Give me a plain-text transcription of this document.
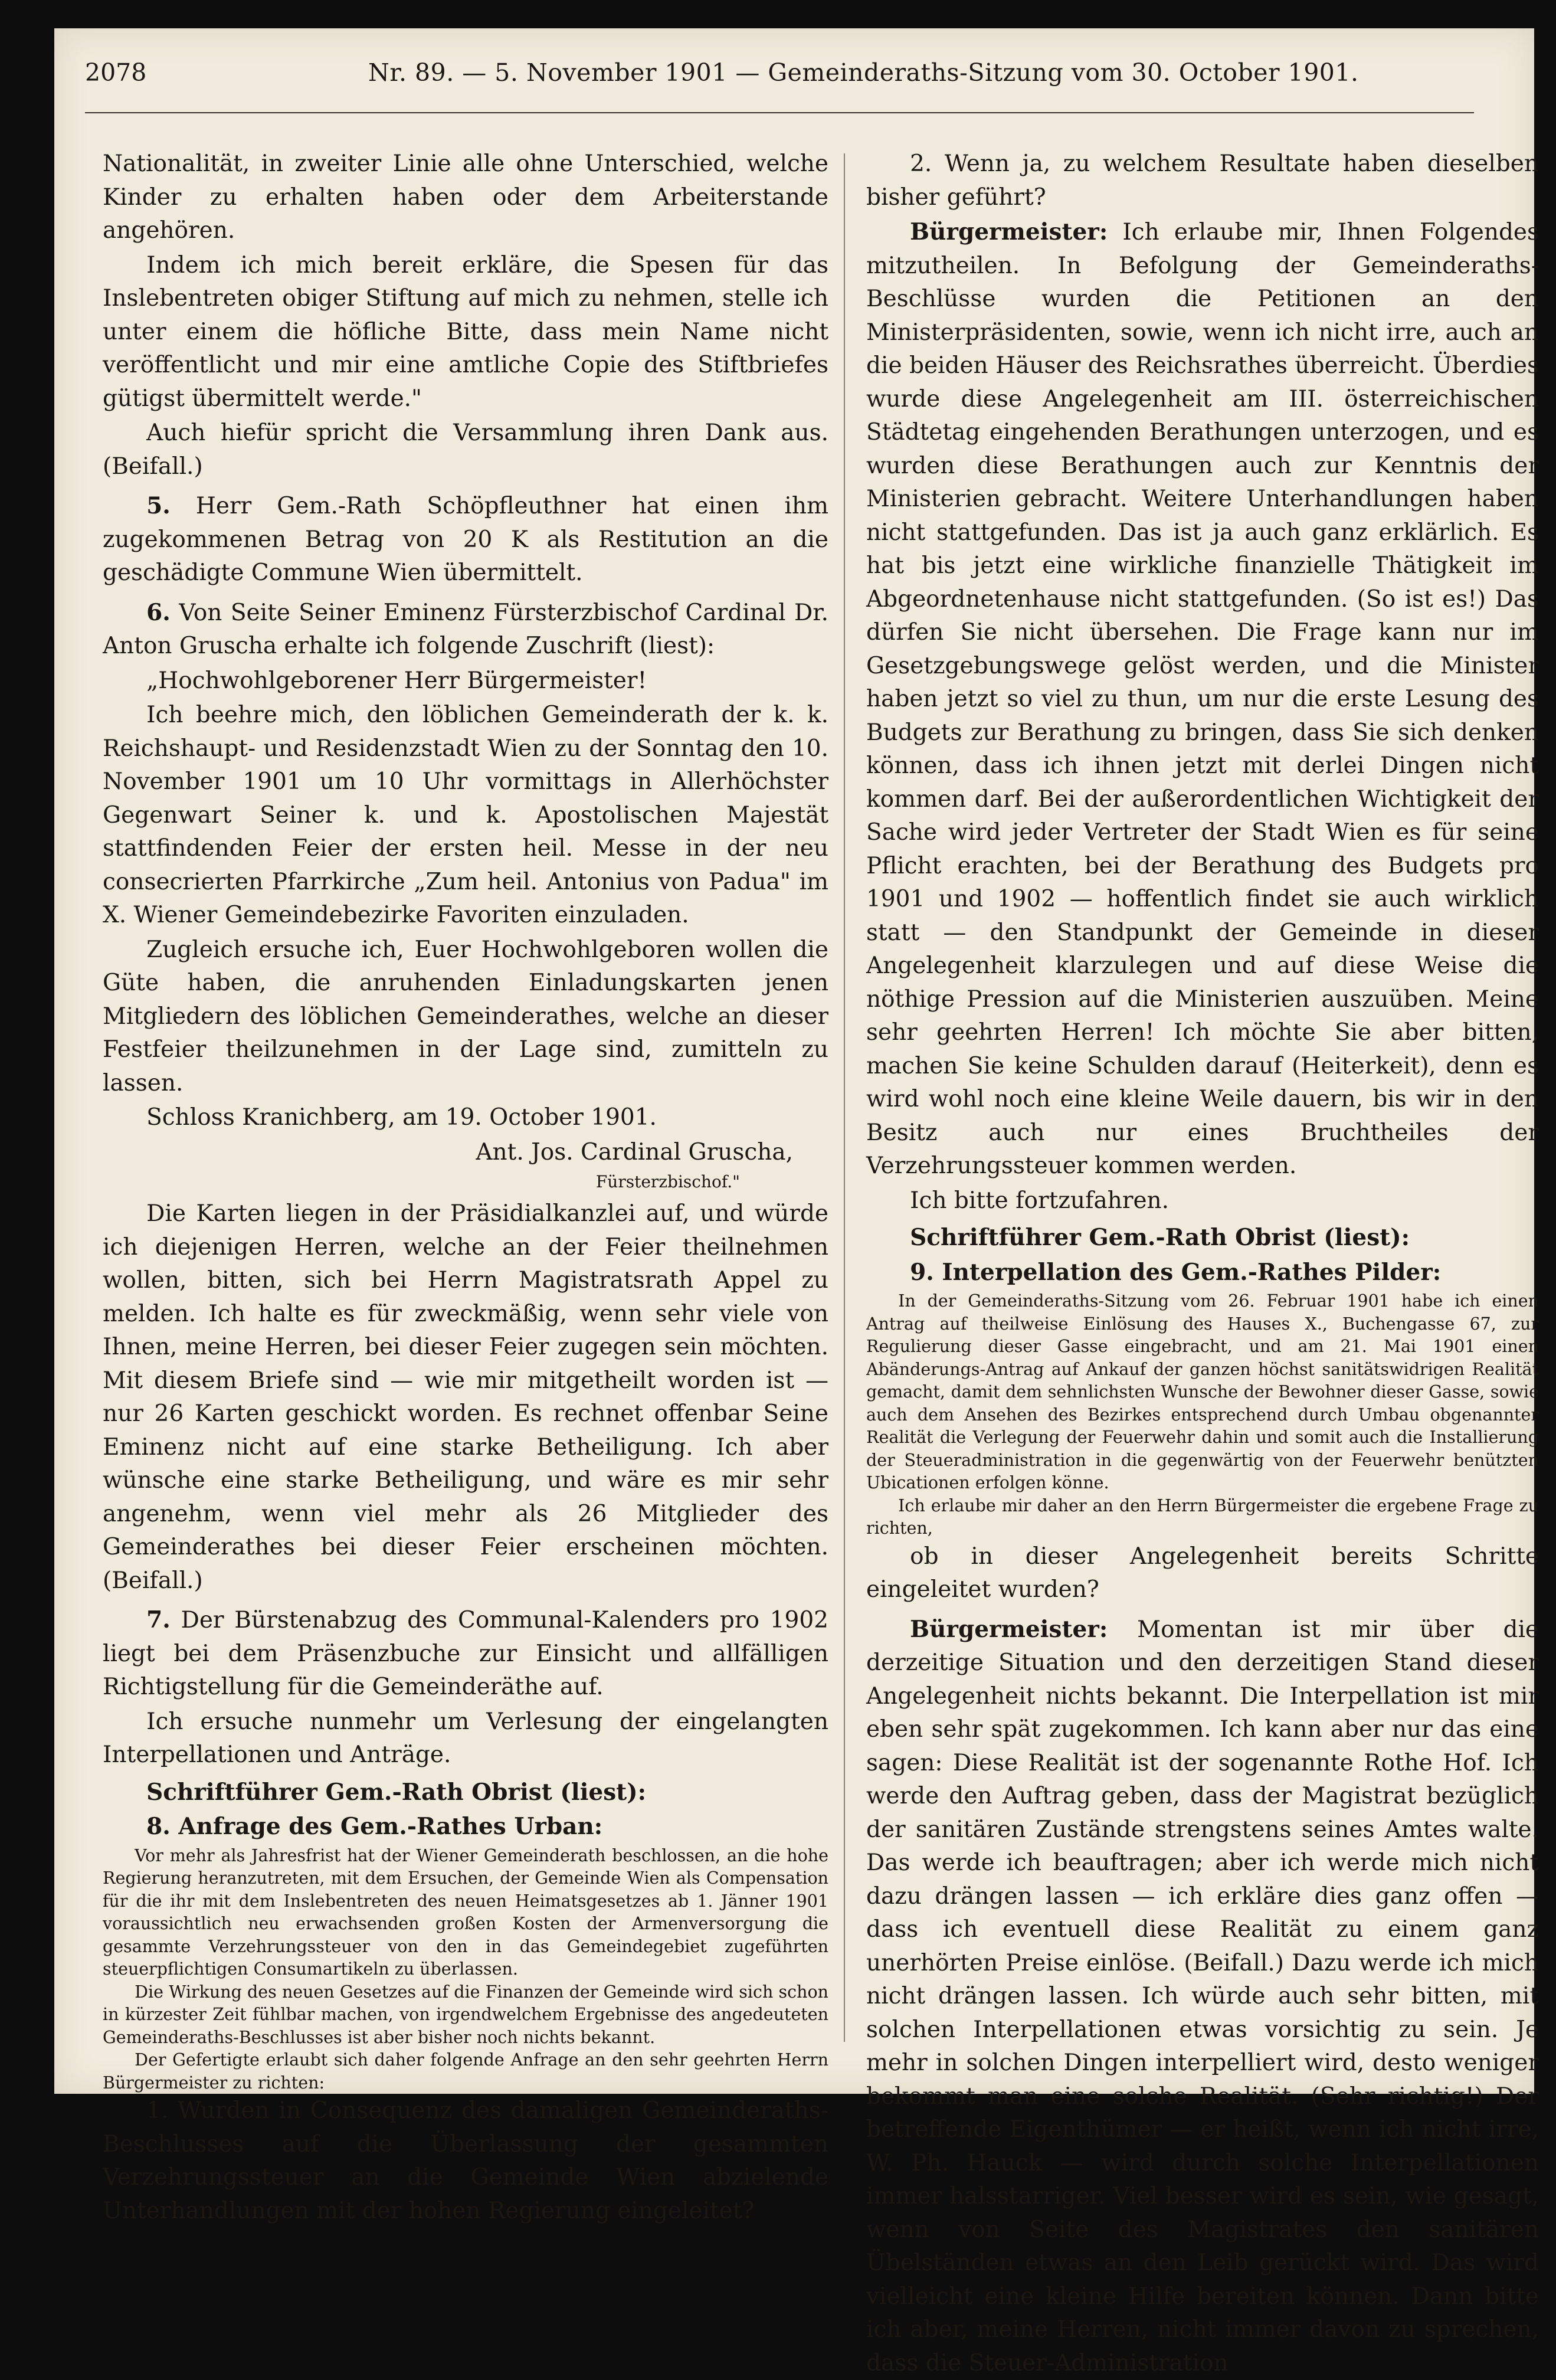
2078	Nr. 89. — 5. November 1901 — Gemeinderaths-Sitzung vom 30. October 1901.

Nationalität, in zweiter Linie alle ohne Unterschied, welche Kinder zu erhalten haben oder dem Arbeiterstande angehören.

Indem ich mich bereit erkläre, die Spesen für das Inslebentreten obiger Stiftung auf mich zu nehmen, stelle ich unter einem die höfliche Bitte, dass mein Name nicht veröffentlicht und mir eine amtliche Copie des Stiftbriefes gütigst übermittelt werde."

Auch hiefür spricht die Versammlung ihren Dank aus. (Beifall.)

5. Herr Gem.-Rath Schöpfleuthner hat einen ihm zugekommenen Betrag von 20 K als Restitution an die geschädigte Commune Wien übermittelt.

6. Von Seite Seiner Eminenz Fürsterzbischof Cardinal Dr. Anton Gruscha erhalte ich folgende Zuschrift (liest):

„Hochwohlgeborener Herr Bürgermeister!

Ich beehre mich, den löblichen Gemeinderath der k. k. Reichshaupt- und Residenzstadt Wien zu der Sonntag den 10. November 1901 um 10 Uhr vormittags in Allerhöchster Gegenwart Seiner k. und k. Apostolischen Majestät stattfindenden Feier der ersten heil. Messe in der neu consecrierten Pfarrkirche „Zum heil. Antonius von Padua" im X. Wiener Gemeindebezirke Favoriten einzuladen.

Zugleich ersuche ich, Euer Hochwohlgeboren wollen die Güte haben, die anruhenden Einladungskarten jenen Mitgliedern des löblichen Gemeinderathes, welche an dieser Festfeier theilzunehmen in der Lage sind, zumitteln zu lassen.

Schloss Kranichberg, am 19. October 1901.

Ant. Jos. Cardinal Gruscha,

Fürsterzbischof."

Die Karten liegen in der Präsidialkanzlei auf, und würde ich diejenigen Herren, welche an der Feier theilnehmen wollen, bitten, sich bei Herrn Magistratsrath Appel zu melden. Ich halte es für zweckmäßig, wenn sehr viele von Ihnen, meine Herren, bei dieser Feier zugegen sein möchten. Mit diesem Briefe sind — wie mir mitgetheilt worden ist — nur 26 Karten geschickt worden. Es rechnet offenbar Seine Eminenz nicht auf eine starke Betheiligung. Ich aber wünsche eine starke Betheiligung, und wäre es mir sehr angenehm, wenn viel mehr als 26 Mitglieder des Gemeinderathes bei dieser Feier erscheinen möchten. (Beifall.)

7. Der Bürstenabzug des Communal-Kalenders pro 1902 liegt bei dem Präsenzbuche zur Einsicht und allfälligen Richtigstellung für die Gemeinderäthe auf.

Ich ersuche nunmehr um Verlesung der eingelangten Interpellationen und Anträge.

Schriftführer Gem.-Rath Obrist (liest):

8. Anfrage des Gem.-Rathes Urban:

Vor mehr als Jahresfrist hat der Wiener Gemeinderath beschlossen, an die hohe Regierung heranzutreten, mit dem Ersuchen, der Gemeinde Wien als Compensation für die ihr mit dem Inslebentreten des neuen Heimatsgesetzes ab 1. Jänner 1901 voraussichtlich neu erwachsenden großen Kosten der Armenversorgung die gesammte Verzehrungssteuer von den in das Gemeindegebiet zugeführten steuerpflichtigen Consumartikeln zu überlassen.

Die Wirkung des neuen Gesetzes auf die Finanzen der Gemeinde wird sich schon in kürzester Zeit fühlbar machen, von irgendwelchem Ergebnisse des angedeuteten Gemeinderaths-Beschlusses ist aber bisher noch nichts bekannt.

Der Gefertigte erlaubt sich daher folgende Anfrage an den sehr geehrten Herrn Bürgermeister zu richten:

1. Wurden in Consequenz des damaligen Gemeinderaths-Beschlusses auf die Überlassung der gesammten Verzehrungssteuer an die Gemeinde Wien abzielende Unterhandlungen mit der hohen Regierung eingeleitet?

2. Wenn ja, zu welchem Resultate haben dieselben bisher geführt?

Bürgermeister: Ich erlaube mir, Ihnen Folgendes mitzutheilen. In Befolgung der Gemeinderaths-Beschlüsse wurden die Petitionen an den Ministerpräsidenten, sowie, wenn ich nicht irre, auch an die beiden Häuser des Reichsrathes überreicht. Überdies wurde diese Angelegenheit am III. österreichischen Städtetag eingehenden Berathungen unterzogen, und es wurden diese Berathungen auch zur Kenntnis der Ministerien gebracht. Weitere Unterhandlungen haben nicht stattgefunden. Das ist ja auch ganz erklärlich. Es hat bis jetzt eine wirkliche finanzielle Thätigkeit im Abgeordnetenhause nicht stattgefunden. (So ist es!) Das dürfen Sie nicht übersehen. Die Frage kann nur im Gesetzgebungswege gelöst werden, und die Minister haben jetzt so viel zu thun, um nur die erste Lesung des Budgets zur Berathung zu bringen, dass Sie sich denken können, dass ich ihnen jetzt mit derlei Dingen nicht kommen darf. Bei der außerordentlichen Wichtigkeit der Sache wird jeder Vertreter der Stadt Wien es für seine Pflicht erachten, bei der Berathung des Budgets pro 1901 und 1902 — hoffentlich findet sie auch wirklich statt — den Standpunkt der Gemeinde in dieser Angelegenheit klarzulegen und auf diese Weise die nöthige Pression auf die Ministerien auszuüben. Meine sehr geehrten Herren! Ich möchte Sie aber bitten, machen Sie keine Schulden darauf (Heiterkeit), denn es wird wohl noch eine kleine Weile dauern, bis wir in den Besitz auch nur eines Bruchtheiles der Verzehrungssteuer kommen werden.

Ich bitte fortzufahren.

Schriftführer Gem.-Rath Obrist (liest):

9. Interpellation des Gem.-Rathes Pilder:

In der Gemeinderaths-Sitzung vom 26. Februar 1901 habe ich einen Antrag auf theilweise Einlösung des Hauses X., Buchengasse 67, zur Regulierung dieser Gasse eingebracht, und am 21. Mai 1901 einen Abänderungs-Antrag auf Ankauf der ganzen höchst sanitätswidrigen Realität gemacht, damit dem sehnlichsten Wunsche der Bewohner dieser Gasse, sowie auch dem Ansehen des Bezirkes entsprechend durch Umbau obgenannter Realität die Verlegung der Feuerwehr dahin und somit auch die Installierung der Steueradministration in die gegenwärtig von der Feuerwehr benützten Ubicationen erfolgen könne.

Ich erlaube mir daher an den Herrn Bürgermeister die ergebene Frage zu richten,

ob in dieser Angelegenheit bereits Schritte eingeleitet wurden?

Bürgermeister: Momentan ist mir über die derzeitige Situation und den derzeitigen Stand dieser Angelegenheit nichts bekannt. Die Interpellation ist mir eben sehr spät zugekommen. Ich kann aber nur das eine sagen: Diese Realität ist der sogenannte Rothe Hof. Ich werde den Auftrag geben, dass der Magistrat bezüglich der sanitären Zustände strengstens seines Amtes walte. Das werde ich beauftragen; aber ich werde mich nicht dazu drängen lassen — ich erkläre dies ganz offen — dass ich eventuell diese Realität zu einem ganz unerhörten Preise einlöse. (Beifall.) Dazu werde ich mich nicht drängen lassen. Ich würde auch sehr bitten, mit solchen Interpellationen etwas vorsichtig zu sein. Je mehr in solchen Dingen interpelliert wird, desto weniger bekommt man eine solche Realität. (Sehr richtig!) Der betreffende Eigenthümer — er heißt, wenn ich nicht irre, W. Ph. Hauck — wird durch solche Interpellationen immer halsstarriger. Viel besser wird es sein, wie gesagt, wenn von Seite des Magistrates den sanitären Übelständen etwas an den Leib gerückt wird. Das wird vielleicht eine kleine Hilfe bereiten können. Dann bitte ich aber, meine Herren, nicht immer davon zu sprechen, dass die Steuer-Administration
